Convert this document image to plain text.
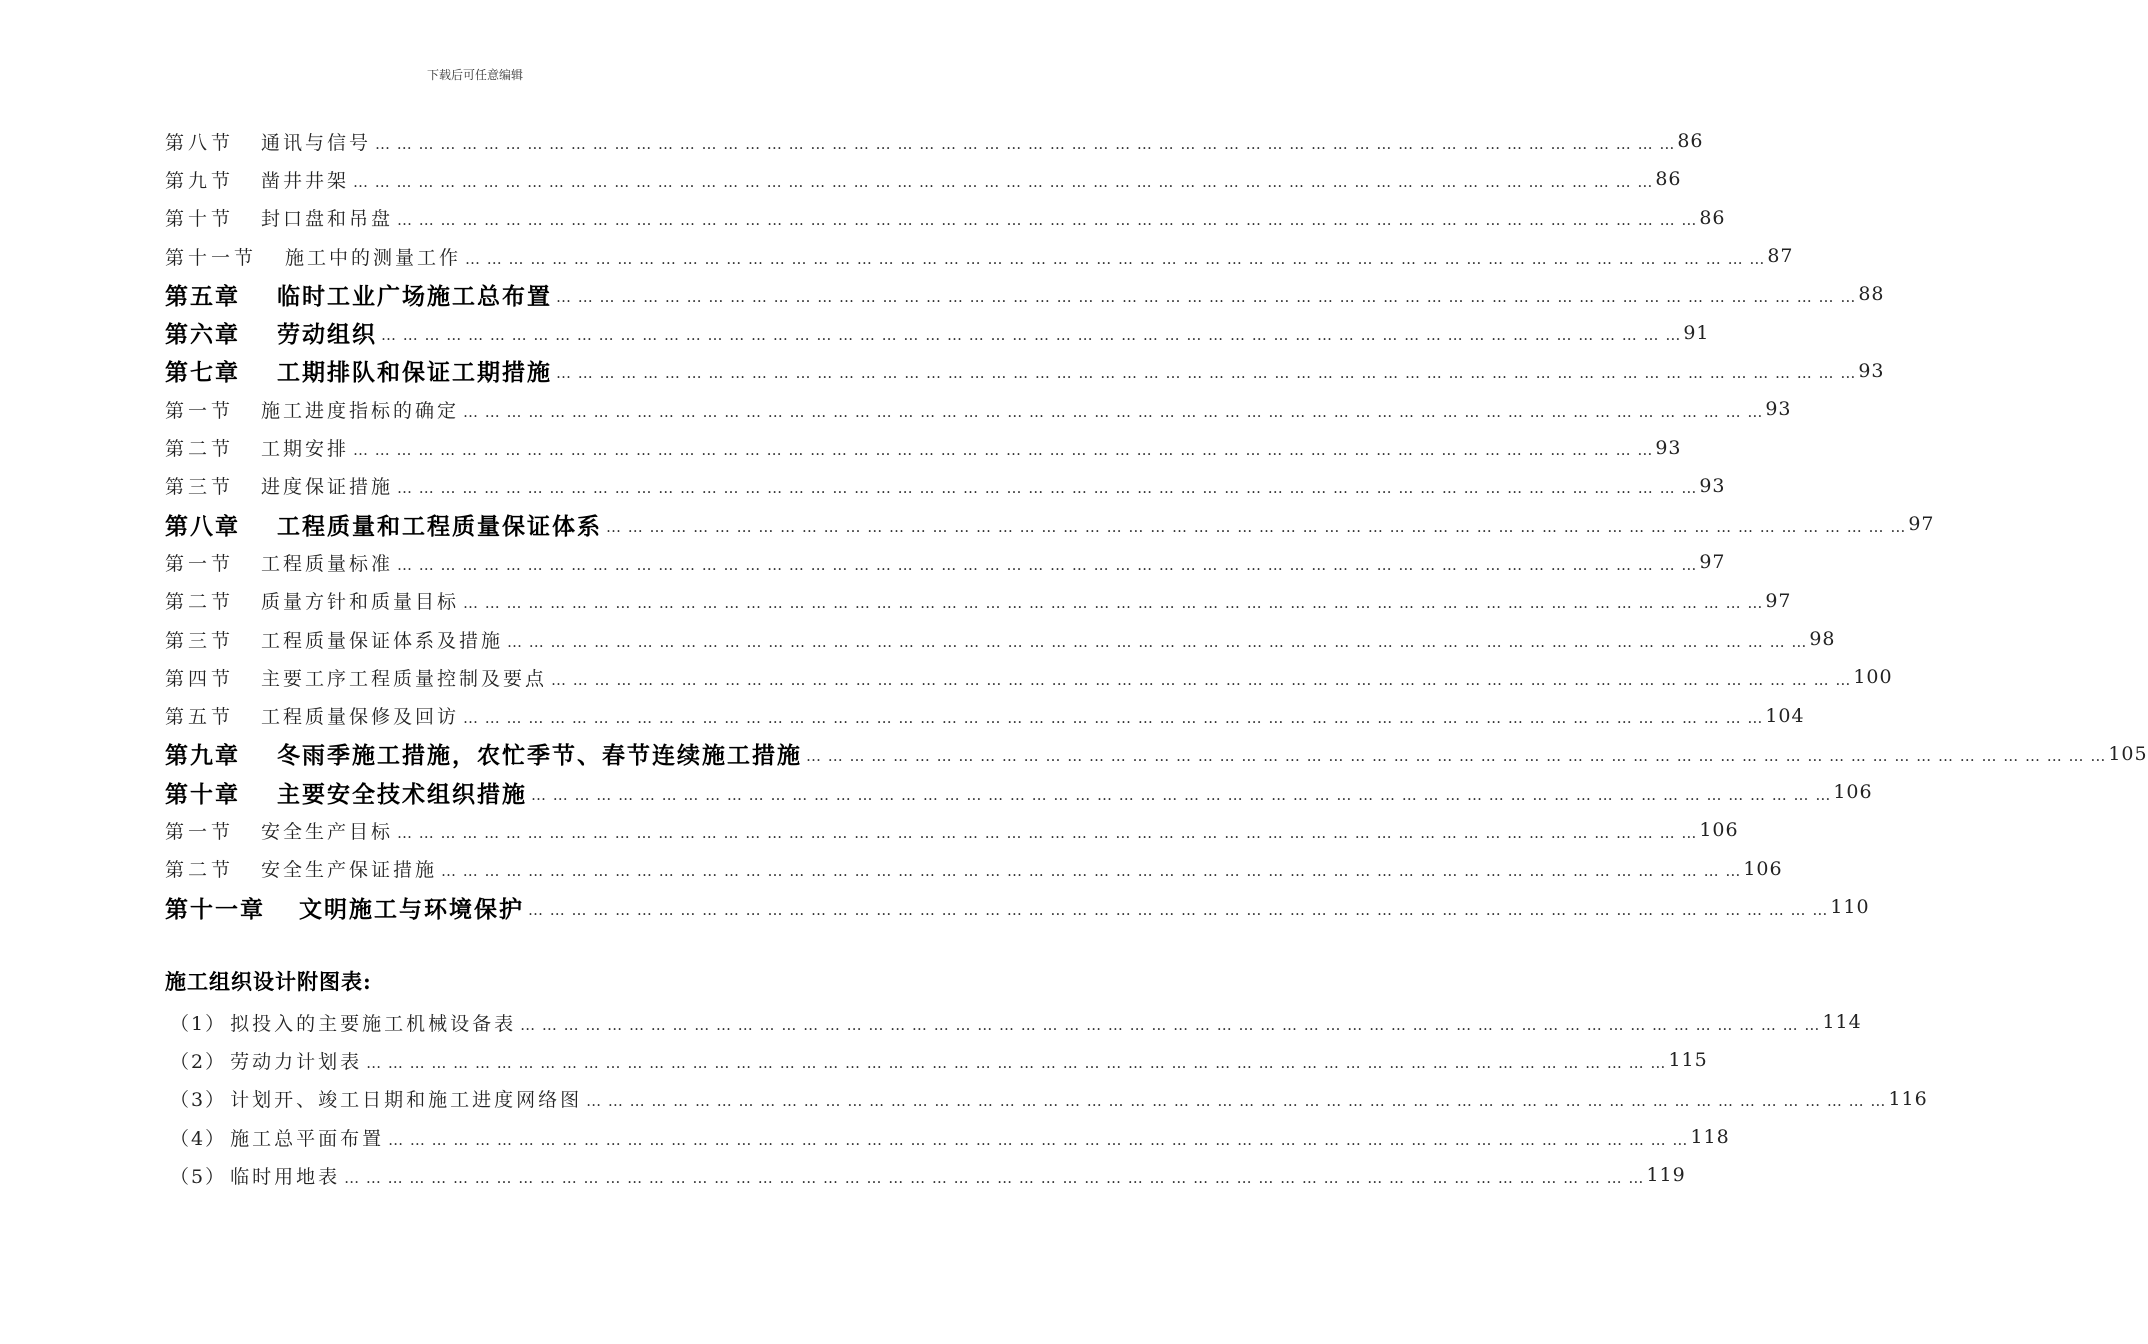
下载后可任意编辑
第八节	通讯与信号 … … … … … … … … … … … … … … … … … … … … … … … … … … … … … … … … … … … … … … … … … … … … … … … … … … … … … … … … … … … … 86
第九节	凿井井架 … … … … … … … … … … … … … … … … … … … … … … … … … … … … … … … … … … … … … … … … … … … … … … … … … … … … … … … … … … … … 86
第十节	封口盘和吊盘 … … … … … … … … … … … … … … … … … … … … … … … … … … … … … … … … … … … … … … … … … … … … … … … … … … … … … … … … … … … … 86
第十一节	施工中的测量工作 … … … … … … … … … … … … … … … … … … … … … … … … … … … … … … … … … … … … … … … … … … … … … … … … … … … … … … … … … … … … 87
第五章	临时工业广场施工总布置 … … … … … … … … … … … … … … … … … … … … … … … … … … … … … … … … … … … … … … … … … … … … … … … … … … … … … … … … … … … … 88
第六章	劳动组织 … … … … … … … … … … … … … … … … … … … … … … … … … … … … … … … … … … … … … … … … … … … … … … … … … … … … … … … … … … … … 91
第七章	工期排队和保证工期措施 … … … … … … … … … … … … … … … … … … … … … … … … … … … … … … … … … … … … … … … … … … … … … … … … … … … … … … … … … … … … 93
第一节	施工进度指标的确定 … … … … … … … … … … … … … … … … … … … … … … … … … … … … … … … … … … … … … … … … … … … … … … … … … … … … … … … … … … … … 93
第二节	工期安排 … … … … … … … … … … … … … … … … … … … … … … … … … … … … … … … … … … … … … … … … … … … … … … … … … … … … … … … … … … … … 93
第三节	进度保证措施 … … … … … … … … … … … … … … … … … … … … … … … … … … … … … … … … … … … … … … … … … … … … … … … … … … … … … … … … … … … … 93
第八章	工程质量和工程质量保证体系 … … … … … … … … … … … … … … … … … … … … … … … … … … … … … … … … … … … … … … … … … … … … … … … … … … … … … … … … … … … … 97
第一节	工程质量标准 … … … … … … … … … … … … … … … … … … … … … … … … … … … … … … … … … … … … … … … … … … … … … … … … … … … … … … … … … … … … 97
第二节	质量方针和质量目标 … … … … … … … … … … … … … … … … … … … … … … … … … … … … … … … … … … … … … … … … … … … … … … … … … … … … … … … … … … … … 97
第三节	工程质量保证体系及措施 … … … … … … … … … … … … … … … … … … … … … … … … … … … … … … … … … … … … … … … … … … … … … … … … … … … … … … … … … … … … 98
第四节	主要工序工程质量控制及要点 … … … … … … … … … … … … … … … … … … … … … … … … … … … … … … … … … … … … … … … … … … … … … … … … … … … … … … … … … … … … 100
第五节	工程质量保修及回访 … … … … … … … … … … … … … … … … … … … … … … … … … … … … … … … … … … … … … … … … … … … … … … … … … … … … … … … … … … … … 104
第九章	冬雨季施工措施，农忙季节、春节连续施工措施 … … … … … … … … … … … … … … … … … … … … … … … … … … … … … … … … … … … … … … … … … … … … … … … … … … … … … … … … … … … … 105
第十章	主要安全技术组织措施 … … … … … … … … … … … … … … … … … … … … … … … … … … … … … … … … … … … … … … … … … … … … … … … … … … … … … … … … … … … … 106
第一节	安全生产目标 … … … … … … … … … … … … … … … … … … … … … … … … … … … … … … … … … … … … … … … … … … … … … … … … … … … … … … … … … … … … 106
第二节	安全生产保证措施 … … … … … … … … … … … … … … … … … … … … … … … … … … … … … … … … … … … … … … … … … … … … … … … … … … … … … … … … … … … … 106
第十一章	文明施工与环境保护 … … … … … … … … … … … … … … … … … … … … … … … … … … … … … … … … … … … … … … … … … … … … … … … … … … … … … … … … … … … … 110
施工组织设计附图表:
（1） 拟投入的主要施工机械设备表 … … … … … … … … … … … … … … … … … … … … … … … … … … … … … … … … … … … … … … … … … … … … … … … … … … … … … … … … … … … … 114
（2） 劳动力计划表 … … … … … … … … … … … … … … … … … … … … … … … … … … … … … … … … … … … … … … … … … … … … … … … … … … … … … … … … … … … … 115
（3） 计划开、竣工日期和施工进度网络图 … … … … … … … … … … … … … … … … … … … … … … … … … … … … … … … … … … … … … … … … … … … … … … … … … … … … … … … … … … … … 116
（4） 施工总平面布置 … … … … … … … … … … … … … … … … … … … … … … … … … … … … … … … … … … … … … … … … … … … … … … … … … … … … … … … … … … … … 118
（5） 临时用地表 … … … … … … … … … … … … … … … … … … … … … … … … … … … … … … … … … … … … … … … … … … … … … … … … … … … … … … … … … … … … 119
